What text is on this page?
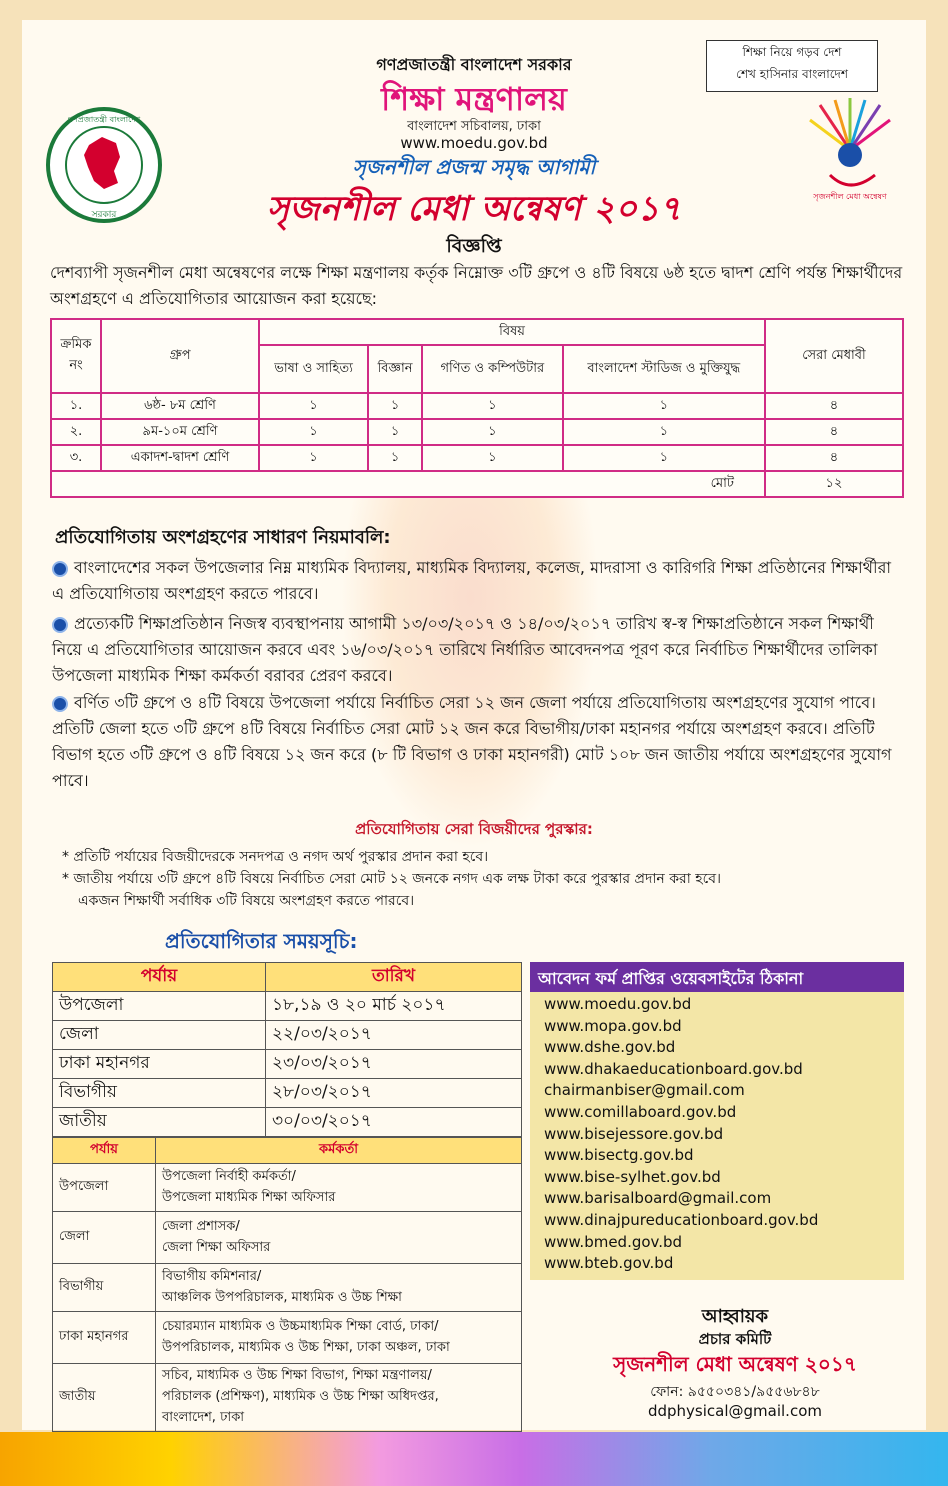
শিক্ষা নিয়ে গড়ব দেশ
শেখ হাসিনার বাংলাদেশ
গণপ্রজাতন্ত্রী বাংলাদেশ
সরকার
সৃজনশীল মেধা অন্বেষণ
গণপ্রজাতন্ত্রী বাংলাদেশ সরকার
শিক্ষা মন্ত্রণালয়
বাংলাদেশ সচিবালয়, ঢাকা
www.moedu.gov.bd
সৃজনশীল প্রজন্ম সমৃদ্ধ আগামী
সৃজনশীল মেধা অন্বেষণ ২০১৭
বিজ্ঞপ্তি
দেশব্যাপী সৃজনশীল মেধা অন্বেষণের লক্ষে শিক্ষা মন্ত্রণালয় কর্তৃক নিম্নোক্ত ৩টি গ্রুপে ও ৪টি বিষয়ে ৬ষ্ঠ হতে দ্বাদশ শ্রেণি পর্যন্ত শিক্ষার্থীদের অংশগ্রহণে এ প্রতিযোগিতার আয়োজন করা হয়েছে:
ক্রমিক নং	গ্রুপ	বিষয়				সেরা মেধাবী
		ভাষা ও সাহিত্য	বিজ্ঞান	গণিত ও কম্পিউটার	বাংলাদেশ স্টাডিজ ও মুক্তিযুদ্ধ	
১.	৬ষ্ঠ- ৮ম শ্রেণি	১	১	১	১	৪
২.	৯ম-১০ম শ্রেণি	১	১	১	১	৪
৩.	একাদশ-দ্বাদশ শ্রেণি	১	১	১	১	৪
মোট						১২
প্রতিযোগিতায় অংশগ্রহণের সাধারণ নিয়মাবলি:
বাংলাদেশের সকল উপজেলার নিম্ন মাধ্যমিক বিদ্যালয়, মাধ্যমিক বিদ্যালয়, কলেজ, মাদরাসা ও কারিগরি শিক্ষা প্রতিষ্ঠানের শিক্ষার্থীরা এ প্রতিযোগিতায় অংশগ্রহণ করতে পারবে।
প্রত্যেকটি শিক্ষাপ্রতিষ্ঠান নিজস্ব ব্যবস্থাপনায় আগামী ১৩/০৩/২০১৭ ও ১৪/০৩/২০১৭ তারিখ স্ব-স্ব শিক্ষাপ্রতিষ্ঠানে সকল শিক্ষার্থী নিয়ে এ প্রতিযোগিতার আয়োজন করবে এবং ১৬/০৩/২০১৭ তারিখে নির্ধারিত আবেদনপত্র পূরণ করে নির্বাচিত শিক্ষার্থীদের তালিকা উপজেলা মাধ্যমিক শিক্ষা কর্মকর্তা বরাবর প্রেরণ করবে।
বর্ণিত ৩টি গ্রুপে ও ৪টি বিষয়ে উপজেলা পর্যায়ে নির্বাচিত সেরা ১২ জন জেলা পর্যায়ে প্রতিযোগিতায় অংশগ্রহণের সুযোগ পাবে। প্রতিটি জেলা হতে ৩টি গ্রুপে ৪টি বিষয়ে নির্বাচিত সেরা মোট ১২ জন করে বিভাগীয়/ঢাকা মহানগর পর্যায়ে অংশগ্রহণ করবে। প্রতিটি বিভাগ হতে ৩টি গ্রুপে ও ৪টি বিষয়ে ১২ জন করে (৮ টি বিভাগ ও ঢাকা মহানগরী) মোট ১০৮ জন জাতীয় পর্যায়ে অংশগ্রহণের সুযোগ পাবে।
প্রতিযোগিতায় সেরা বিজয়ীদের পুরস্কার:
* প্রতিটি পর্যায়ের বিজয়ীদেরকে সনদপত্র ও নগদ অর্থ পুরস্কার প্রদান করা হবে।
* জাতীয় পর্যায়ে ৩টি গ্রুপে ৪টি বিষয়ে নির্বাচিত সেরা মোট ১২ জনকে নগদ এক লক্ষ টাকা করে পুরস্কার প্রদান করা হবে।
একজন শিক্ষার্থী সর্বাধিক ৩টি বিষয়ে অংশগ্রহণ করতে পারবে।
প্রতিযোগিতার সময়সূচি:
পর্যায়	তারিখ
উপজেলা	১৮,১৯ ও ২০ মার্চ ২০১৭
জেলা	২২/০৩/২০১৭
ঢাকা মহানগর	২৩/০৩/২০১৭
বিভাগীয়	২৮/০৩/২০১৭
জাতীয়	৩০/০৩/২০১৭
পর্যায়	কর্মকর্তা
উপজেলা	উপজেলা নির্বাহী কর্মকর্তা/
উপজেলা মাধ্যমিক শিক্ষা অফিসার

জেলা	জেলা প্রশাসক/
জেলা শিক্ষা অফিসার

বিভাগীয়	বিভাগীয় কমিশনার/
আঞ্চলিক উপপরিচালক, মাধ্যমিক ও উচ্চ শিক্ষা

ঢাকা মহানগর	চেয়ারম্যান মাধ্যমিক ও উচ্চমাধ্যমিক শিক্ষা বোর্ড, ঢাকা/
উপপরিচালক, মাধ্যমিক ও উচ্চ শিক্ষা, ঢাকা অঞ্চল, ঢাকা

জাতীয়	সচিব, মাধ্যমিক ও উচ্চ শিক্ষা বিভাগ, শিক্ষা মন্ত্রণালয়/
পরিচালক (প্রশিক্ষণ), মাধ্যমিক ও উচ্চ শিক্ষা অধিদপ্তর,
বাংলাদেশ, ঢাকা
আবেদন ফর্ম প্রাপ্তির ওয়েবসাইটের ঠিকানা
www.moedu.gov.bd
www.mopa.gov.bd
www.dshe.gov.bd
www.dhakaeducationboard.gov.bd
chairmanbiser@gmail.com
www.comillaboard.gov.bd
www.bisejessore.gov.bd
www.bisectg.gov.bd
www.bise-sylhet.gov.bd
www.barisalboard@gmail.com
www.dinajpureducationboard.gov.bd
www.bmed.gov.bd
www.bteb.gov.bd
আহ্বায়ক
প্রচার কমিটি
সৃজনশীল মেধা অন্বেষণ ২০১৭
ফোন: ৯৫৫০৩৪১/৯৫৫৬৮৪৮
ddphysical@gmail.com
